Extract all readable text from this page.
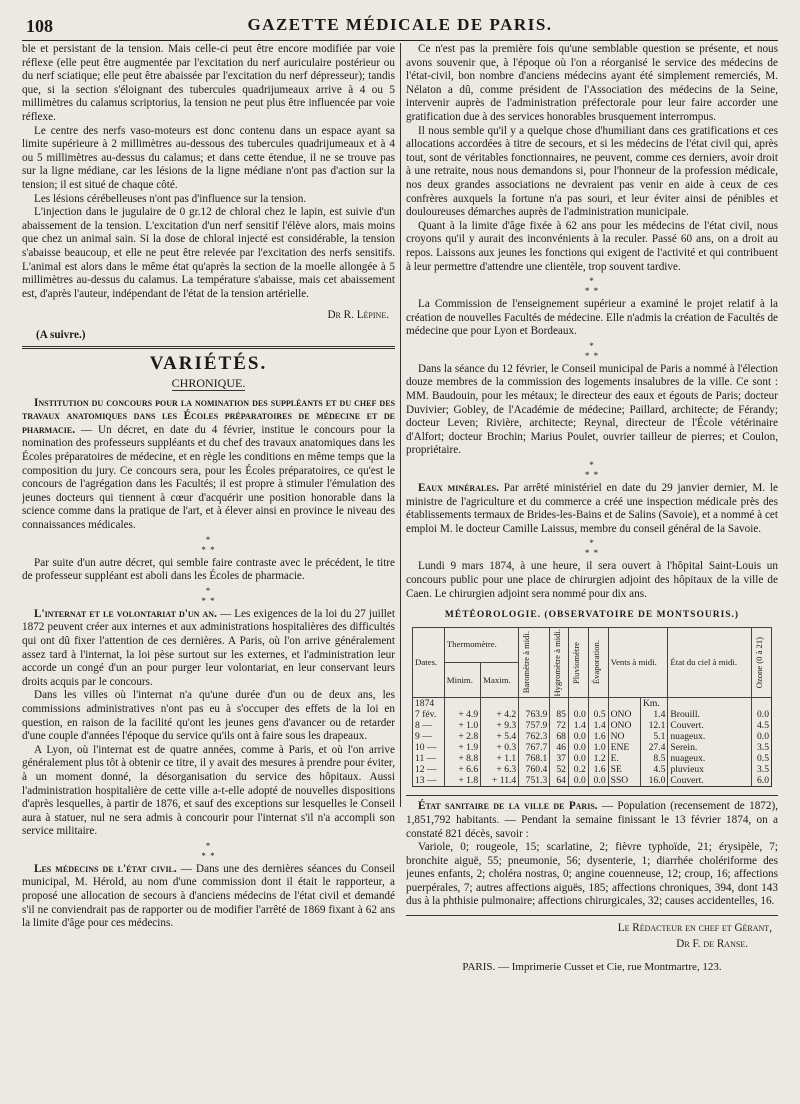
108	GAZETTE MÉDICALE DE PARIS.

ble et persistant de la tension. Mais celle-ci peut être encore modifiée par voie réflexe (elle peut être augmentée par l'excitation du nerf auriculaire postérieur ou du nerf sciatique; elle peut être abaissée par l'excitation du nerf dépresseur); tandis que, si la section s'éloignant des tubercules quadrijumeaux arrive à 4 ou 5 millimètres du calamus scriptorius, la tension ne peut plus être influencée par voie réflexe.

Le centre des nerfs vaso-moteurs est donc contenu dans un espace ayant sa limite supérieure à 2 millimètres au-dessous des tubercules quadrijumeaux et à 4 ou 5 millimètres au-dessus du calamus; et dans cette étendue, il ne se trouve pas sur la ligne médiane, car les lésions de la ligne médiane n'ont pas d'action sur la tension; il est situé de chaque côté.

Les lésions cérébelleuses n'ont pas d'influence sur la tension.

L'injection dans le jugulaire de 0 gr.12 de chloral chez le lapin, est suivie d'un abaissement de la tension. L'excitation d'un nerf sensitif l'élève alors, mais moins que chez un animal sain. Si la dose de chloral injecté est considérable, la tension s'abaisse beaucoup, et elle ne peut être relevée par l'excitation des nerfs sensitifs. L'animal est alors dans le même état qu'après la section de la moelle allongée à 5 millimètres au-dessus du calamus. La température s'abaisse, mais cet abaissement est, d'après l'auteur, indépendant de l'état de la tension artérielle.

Dr R. Lépine.
(A suivre.)
VARIÉTÉS.
CHRONIQUE.

Institution du concours pour la nomination des suppléants et du chef des travaux anatomiques dans les Écoles préparatoires de médecine et de pharmacie. — Un décret, en date du 4 février, institue le concours pour la nomination des professeurs suppléants et du chef des travaux anatomiques dans les Écoles préparatoires de médecine, et en règle les conditions en même temps que la composition du jury. Ce concours sera, pour les Écoles préparatoires, ce qu'est le concours de l'agrégation dans les Facultés; il est propre à stimuler l'émulation des jeunes docteurs qui tiennent à cœur d'acquérir une position honorable dans la science comme dans la pratique de l'art, et à élever ainsi en province le niveau des connaissances médicales.

*
* *

Par suite d'un autre décret, qui semble faire contraste avec le précédent, le titre de professeur suppléant est aboli dans les Écoles de pharmacie.

*
* *

L'internat et le volontariat d'un an. — Les exigences de la loi du 27 juillet 1872 peuvent créer aux internes et aux administrations hospitalières des difficultés qui ont dû fixer l'attention de ces dernières. A Paris, où l'on arrive généralement assez tard à l'internat, la loi pèse surtout sur les externes, et l'administration leur accorde un congé d'un an pour purger leur volontariat, en leur conservant leurs droits acquis par le concours.

Dans les villes où l'internat n'a qu'une durée d'un ou de deux ans, les commissions administratives n'ont pas eu à s'occuper des effets de la loi en question, en raison de la facilité qu'ont les jeunes gens d'avancer ou de retarder d'une couple d'années l'époque du service qu'ils ont à faire sous les drapeaux.

A Lyon, où l'internat est de quatre années, comme à Paris, et où l'on arrive généralement plus tôt à obtenir ce titre, il y avait des mesures à prendre pour éviter, à un moment donné, la désorganisation du service des hôpitaux. Aussi l'administration hospitalière de cette ville a-t-elle adopté de nouvelles dispositions d'après lesquelles, à partir de 1876, et sauf des exceptions sur lesquelles le Conseil aura à statuer, nul ne sera admis à concourir pour l'internat s'il n'a accompli son service militaire.

*
* *

Les médecins de l'état civil. — Dans une des dernières séances du Conseil municipal, M. Hérold, au nom d'une commission dont il était le rapporteur, a proposé une allocation de secours à d'anciens médecins de l'état civil et demandé s'il ne conviendrait pas de rapporter ou de modifier l'arrêté de 1869 fixant à 62 ans la limite d'âge pour ces médecins.

Ce n'est pas la première fois qu'une semblable question se présente, et nous avons souvenir que, à l'époque où l'on a réorganisé le service des médecins de l'état-civil, bon nombre d'anciens médecins ayant été simplement remerciés, M. Nélaton a dû, comme président de l'Association des médecins de la Seine, intervenir auprès de l'administration préfectorale pour leur faire accorder une gratification due à des services honorables brusquement interrompus.

Il nous semble qu'il y a quelque chose d'humiliant dans ces gratifications et ces allocations accordées à titre de secours, et si les médecins de l'état civil qui, après tout, sont de véritables fonctionnaires, ne peuvent, comme ces derniers, avoir droit à une retraite, nous nous demandons si, pour l'honneur de la profession médicale, nos deux grandes associations ne devraient pas venir en aide à ceux de ces confrères auxquels la fortune n'a pas souri, et leur éviter ainsi de pénibles et douloureuses démarches auprès de l'administration municipale.

Quant à la limite d'âge fixée à 62 ans pour les médecins de l'état civil, nous croyons qu'il y aurait des inconvénients à la reculer. Passé 60 ans, on a droit au repos. Laissons aux jeunes les fonctions qui exigent de l'activité et qui contribuent à leur permettre d'attendre une clientèle, trop souvent tardive.

*
* *

La Commission de l'enseignement supérieur a examiné le projet relatif à la création de nouvelles Facultés de médecine. Elle n'admis la création de Facultés de médecine que pour Lyon et Bordeaux.

*
* *

Dans la séance du 12 février, le Conseil municipal de Paris a nommé à l'élection douze membres de la commission des logements insalubres de la ville. Ce sont : MM. Baudouin, pour les métaux; le directeur des eaux et égouts de Paris; docteur Duvivier; Gobley, de l'Académie de médecine; Paillard, architecte; de Férandy; docteur Leven; Rivière, architecte; Reynal, directeur de l'École vétérinaire d'Alfort; docteur Brochin; Marius Poulet, ouvrier tailleur de pierres; et Coulon, propriétaire.

*
* *

Eaux minérales. Par arrêté ministériel en date du 29 janvier dernier, M. le ministre de l'agriculture et du commerce a créé une inspection médicale près des établissements termaux de Brides-les-Bains et de Salins (Savoie), et a nommé à cet emploi M. le docteur Camille Laissus, membre du conseil général de la Savoie.

*
* *

Lundi 9 mars 1874, à une heure, il sera ouvert à l'hôpital Saint-Louis un concours public pour une place de chirurgien adjoint des hôpitaux de la ville de Caen. Le chirurgien adjoint sera nommé pour dix ans.

MÉTÉOROLOGIE. (OBSERVATOIRE DE MONTSOURIS.)
Dates.	Thermomètre.		Baromètre à midi.	Hygromètre à midi.	Pluviomètre	Évaporation.	Vents à midi.		État du ciel à midi.	Ozone (0 à 21)

	Minim.	Maxim.								
1874								Km.		
7 fév.	+ 4.9	+ 4.2	763.9	85	0.0	0.5	ONO	1.4	Brouill.	0.0
8 —	+ 1.0	+ 9.3	757.9	72	1.4	1.4	ONO	12.1	Couvert.	4.5
9 —	+ 2.8	+ 5.4	762.3	68	0.0	1.6	NO	5.1	nuageux.	0.0
10 —	+ 1.9	+ 0.3	767.7	46	0.0	1.0	ENE	27.4	Serein.	3.5
11 —	+ 8.8	+ 1.1	768.1	37	0.0	1.2	E.	8.5	nuageux.	0.5
12 —	+ 6.6	+ 6.3	760.4	52	0.2	1.6	SE	4.5	pluvieux	3.5
13 —	+ 1.8	+ 11.4	751.3	64	0.0	0.0	SSO	16.0	Couvert.	6.0

État sanitaire de la ville de Paris. — Population (recensement de 1872), 1,851,792 habitants. — Pendant la semaine finissant le 13 février 1874, on a constaté 821 décès, savoir :

Variole, 0; rougeole, 15; scarlatine, 2; fièvre typhoïde, 21; érysipèle, 7; bronchite aiguë, 55; pneumonie, 56; dysenterie, 1; diarrhée cholériforme des jeunes enfants, 2; choléra nostras, 0; angine couenneuse, 12; croup, 16; affections puerpérales, 7; autres affections aiguës, 185; affections chroniques, 394, dont 143 dus à la phthisie pulmonaire; affections chirurgicales, 32; causes accidentelles, 16.

Le Rédacteur en chef et Gérant,
Dr F. de Ranse.
PARIS. — Imprimerie Cusset et Cie, rue Montmartre, 123.
